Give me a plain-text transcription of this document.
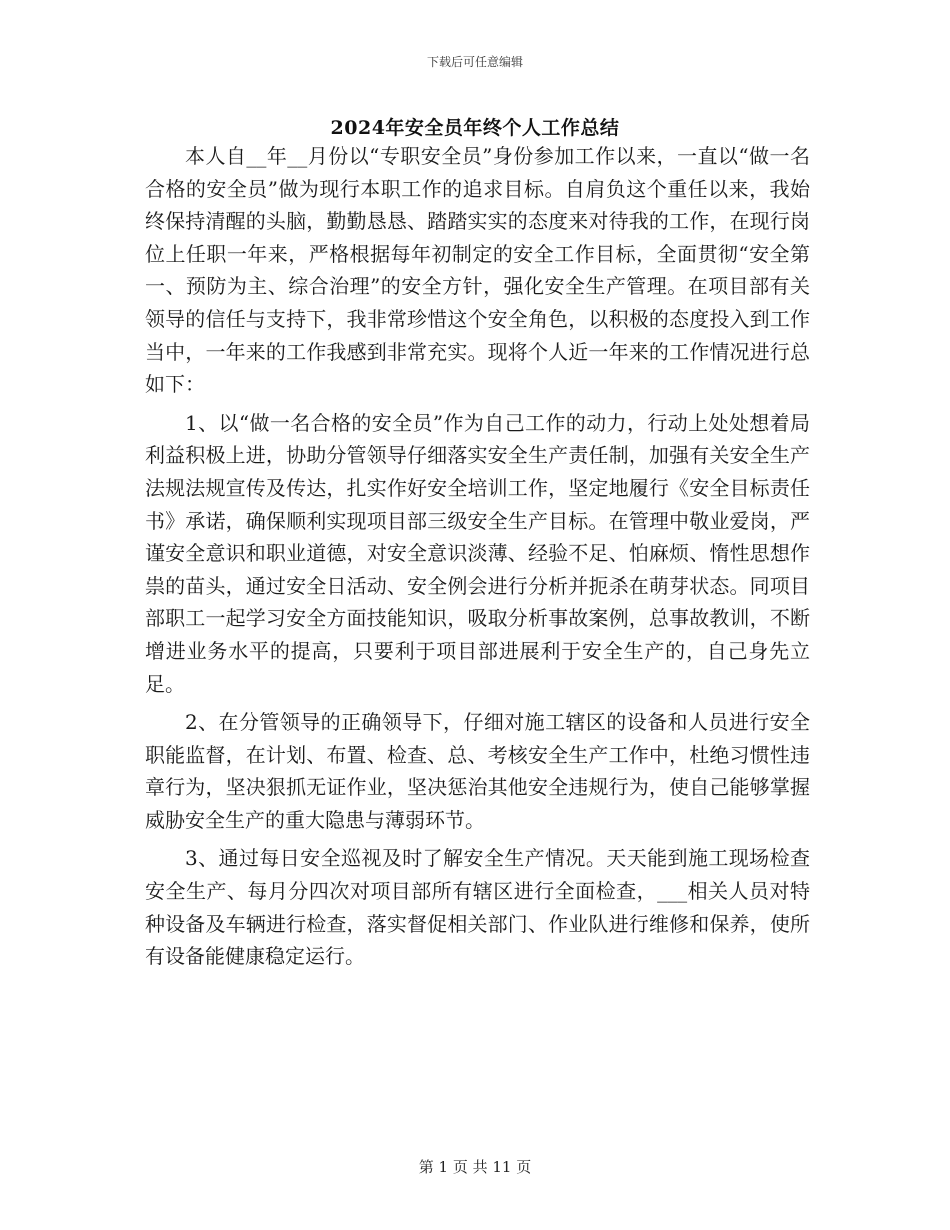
下载后可任意编辑
2024年安全员年终个人工作总结

本人自__年__月份以“专职安全员”身份参加工作以来，一直以“做一名合格的安全员”做为现行本职工作的追求目标。自肩负这个重任以来，我始终保持清醒的头脑，勤勤恳恳、踏踏实实的态度来对待我的工作，在现行岗位上任职一年来，严格根据每年初制定的安全工作目标，全面贯彻“安全第一、预防为主、综合治理”的安全方针，强化安全生产管理。在项目部有关领导的信任与支持下，我非常珍惜这个安全角色，以积极的态度投入到工作当中，一年来的工作我感到非常充实。现将个人近一年来的工作情况进行总如下：

1、以“做一名合格的安全员”作为自己工作的动力，行动上处处想着局利益积极上进，协助分管领导仔细落实安全生产责任制，加强有关安全生产法规法规宣传及传达，扎实作好安全培训工作，坚定地履行《安全目标责任书》承诺，确保顺利实现项目部三级安全生产目标。在管理中敬业爱岗，严谨安全意识和职业道德，对安全意识淡薄、经验不足、怕麻烦、惰性思想作祟的苗头，通过安全日活动、安全例会进行分析并扼杀在萌芽状态。同项目部职工一起学习安全方面技能知识，吸取分析事故案例，总事故教训，不断增进业务水平的提高，只要利于项目部进展利于安全生产的，自己身先立足。

2、在分管领导的正确领导下，仔细对施工辖区的设备和人员进行安全职能监督，在计划、布置、检查、总、考核安全生产工作中，杜绝习惯性违章行为，坚决狠抓无证作业，坚决惩治其他安全违规行为，使自己能够掌握威胁安全生产的重大隐患与薄弱环节。

3、通过每日安全巡视及时了解安全生产情况。天天能到施工现场检查安全生产、每月分四次对项目部所有辖区进行全面检查，___相关人员对特种设备及车辆进行检查，落实督促相关部门、作业队进行维修和保养，使所有设备能健康稳定运行。

第 1 页 共 11 页
